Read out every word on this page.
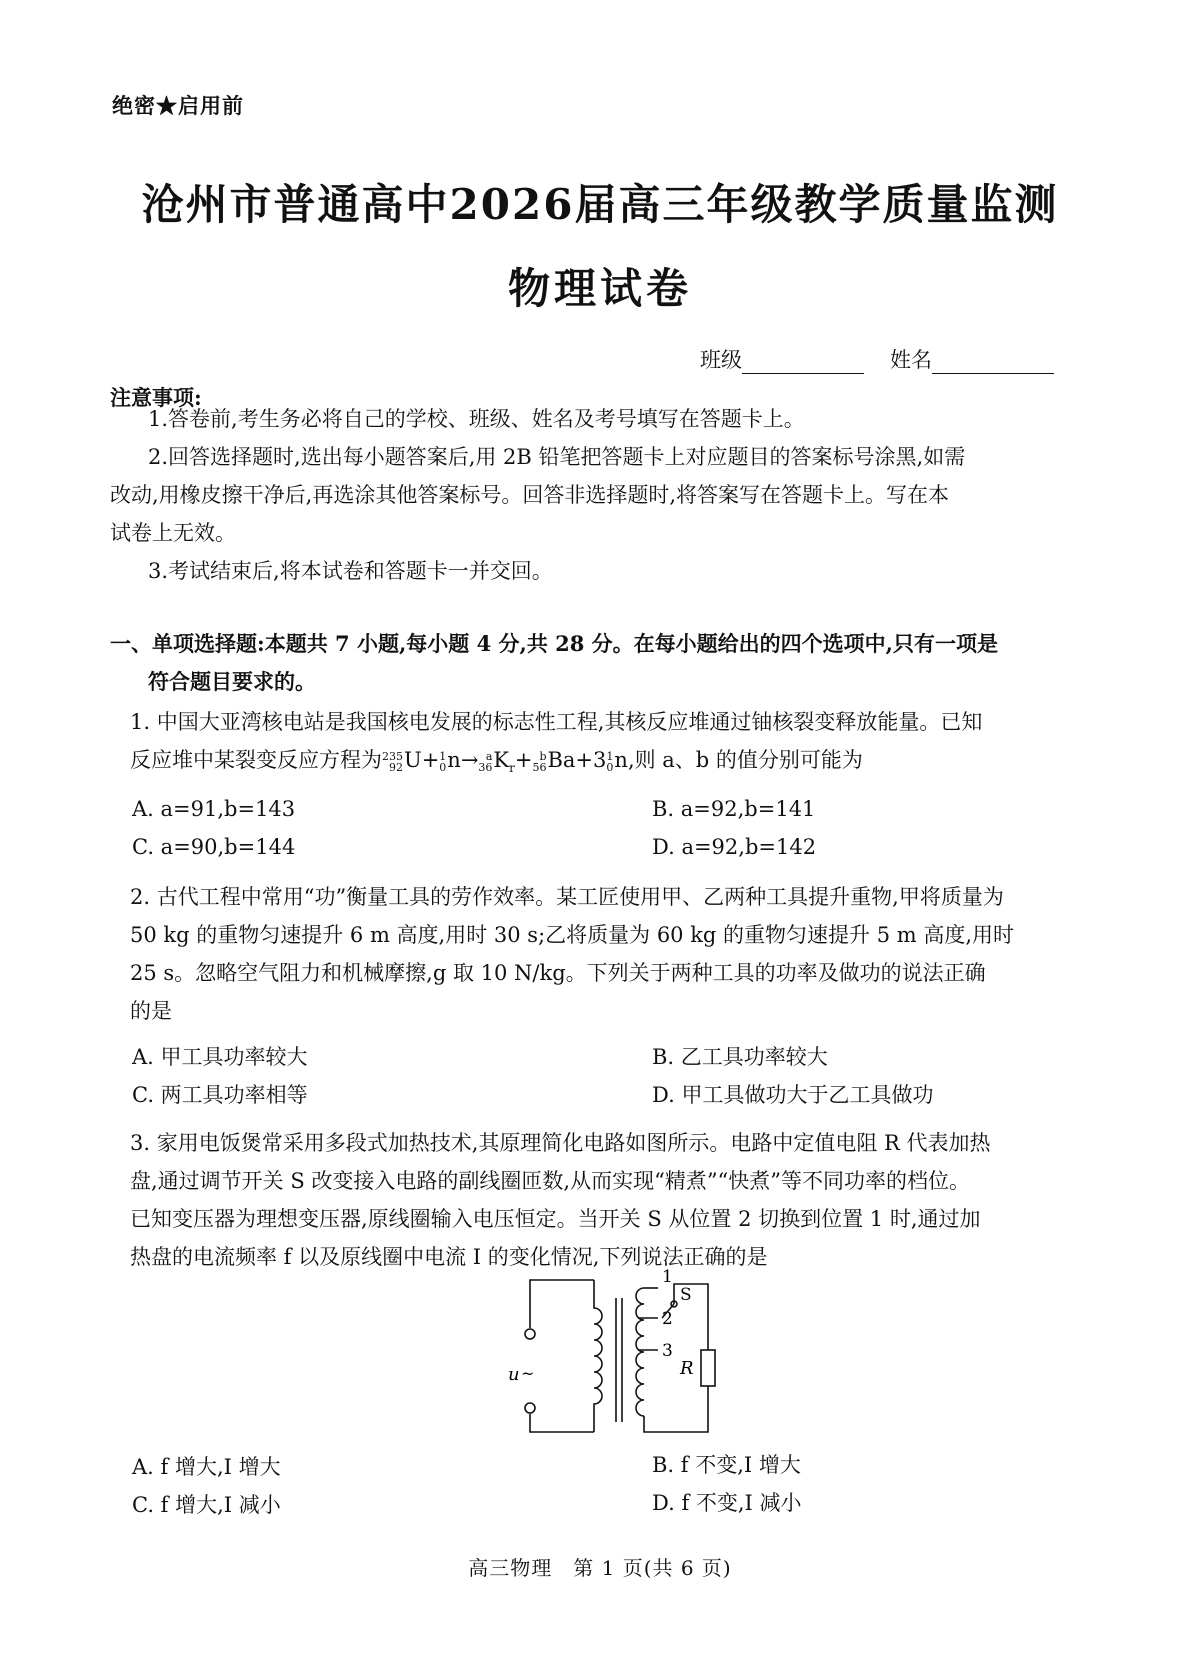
绝密★启用前
沧州市普通高中2026届高三年级教学质量监测
物理试卷
班级	姓名
注意事项:

1.答卷前,考生务必将自己的学校、班级、姓名及考号填写在答题卡上。

2.回答选择题时,选出每小题答案后,用 2B 铅笔把答题卡上对应题目的答案标号涂黑,如需

改动,用橡皮擦干净后,再选涂其他答案标号。回答非选择题时,将答案写在答题卡上。写在本

试卷上无效。

3.考试结束后,将本试卷和答题卡一并交回。

一、单项选择题:本题共 7 小题,每小题 4 分,共 28 分。在每小题给出的四个选项中,只有一项是

符合题目要求的。

1. 中国大亚湾核电站是我国核电发展的标志性工程,其核反应堆通过铀核裂变释放能量。已知

反应堆中某裂变反应方程为 235
92 U+ 1
0 n→ a
36 $K_r+ b$
56 Ba+3 1
0 n,则 a、b 的值分别可能为

A. a=91,b=143	B. a=92,b=141
C. a=90,b=144	D. a=92,b=142

2. 古代工程中常用“功”衡量工具的劳作效率。某工匠使用甲、乙两种工具提升重物,甲将质量为

50 kg 的重物匀速提升 6 m 高度,用时 30 s;乙将质量为 60 kg 的重物匀速提升 5 m 高度,用时

25 s。忽略空气阻力和机械摩擦,g 取 10 N/kg。下列关于两种工具的功率及做功的说法正确

的是

A. 甲工具功率较大	B. 乙工具功率较大
C. 两工具功率相等	D. 甲工具做功大于乙工具做功

3. 家用电饭煲常采用多段式加热技术,其原理简化电路如图所示。电路中定值电阻 R 代表加热

盘,通过调节开关 S 改变接入电路的副线圈匝数,从而实现“精煮”“快煮”等不同功率的档位。

已知变压器为理想变压器,原线圈输入电压恒定。当开关 S 从位置 2 切换到位置 1 时,通过加

热盘的电流频率 f 以及原线圈中电流 I 的变化情况,下列说法正确的是

u ~
1
2
3
S
R
A. f 增大,I 增大	B. f 不变,I 增大
C. f 增大,I 减小	D. f 不变,I 减小
高三物理　第 1 页(共 6 页)
